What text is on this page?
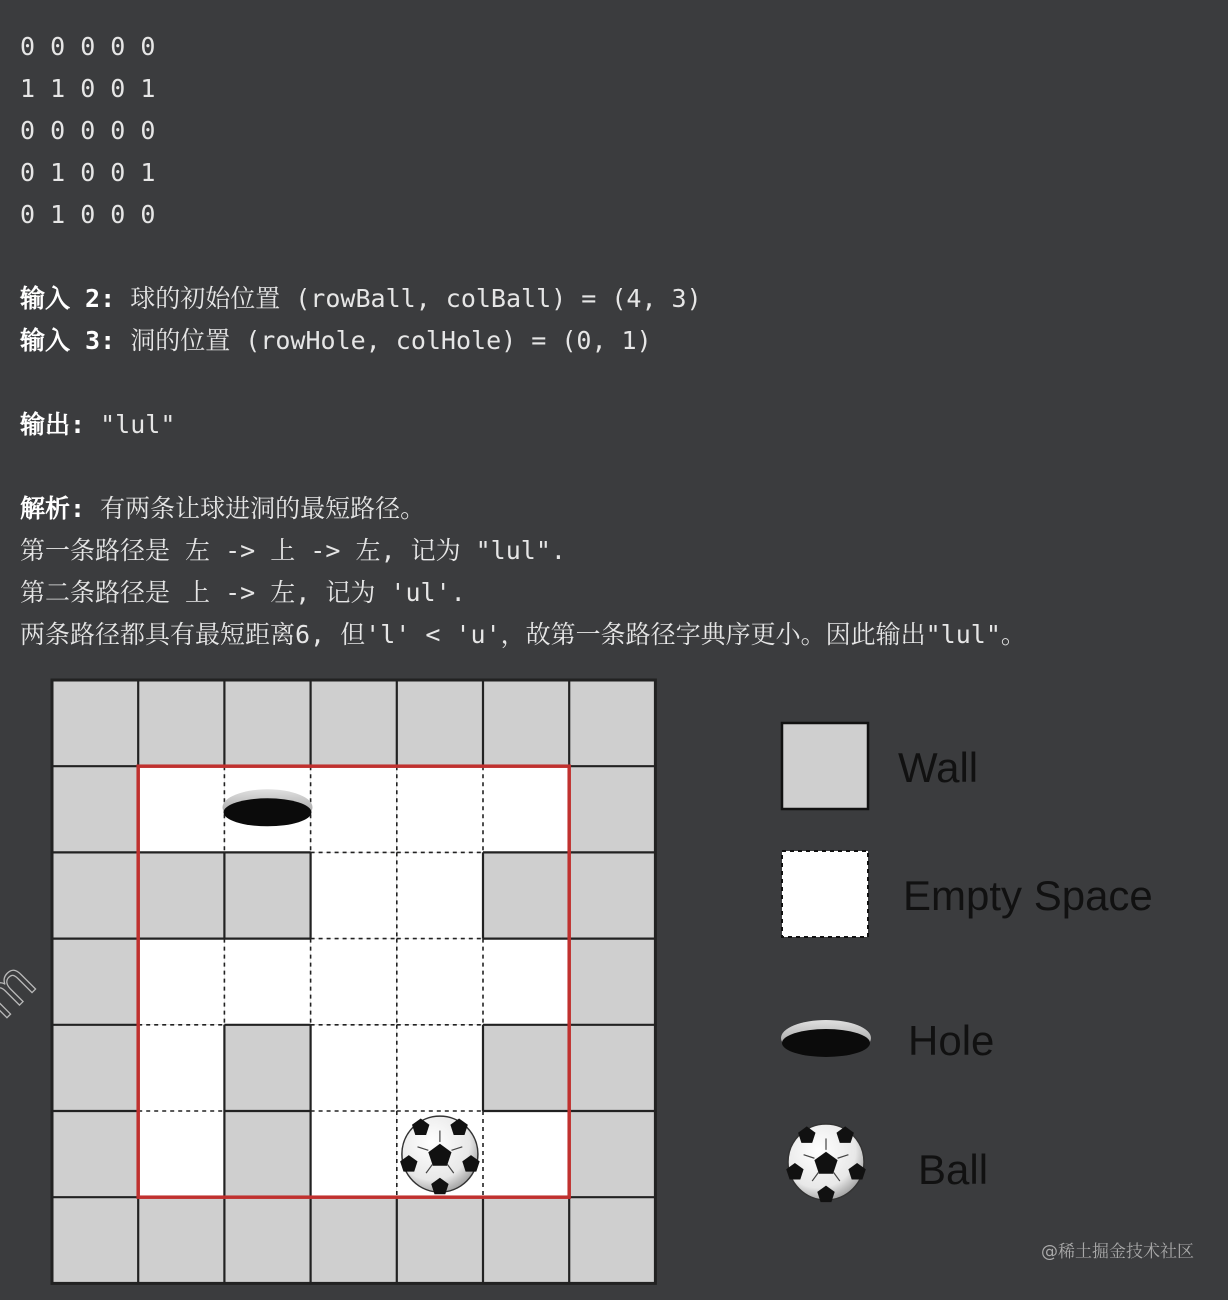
0 0 0 0 0
1 1 0 0 1
0 0 0 0 0
0 1 0 0 1
0 1 0 0 0
输入 2: 球的初始位置 (rowBall, colBall) = (4, 3)
输入 3: 洞的位置 (rowHole, colHole) = (0, 1)
输出: "lul"
解析: 有两条让球进洞的最短路径。
第一条路径是 左 -> 上 -> 左, 记为 "lul".
第二条路径是 上 -> 左, 记为 'ul'.
两条路径都具有最短距离6, 但'l' < 'u'，故第一条路径字典序更小。因此输出"lul"。
Wall
Empty Space
Hole
Ball
@稀土掘金技术社区
